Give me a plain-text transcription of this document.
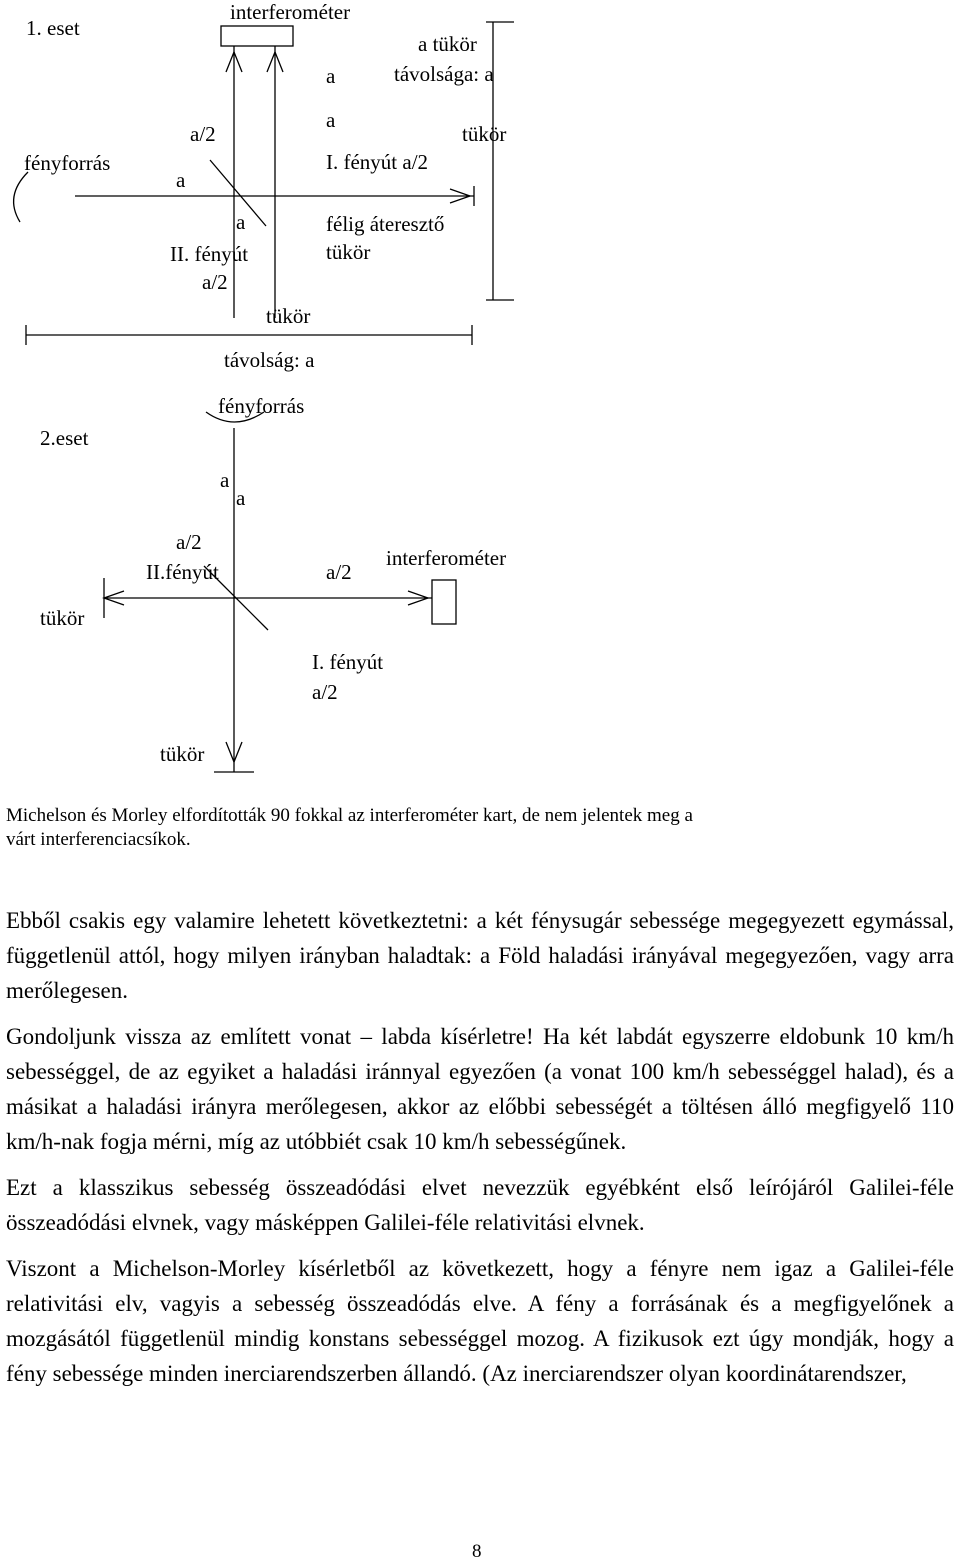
1. eset
interferométer
a
a tükör
távolsága: a
a
tükör
a/2
fényforrás
a
I. fényút a/2
a	félig áteresztő
tükör
II. fényút
a/2
tükör
távolság: a
2.eset
fényforrás
a
a
a/2
II.fényút	a/2
interferométer
tükör
I. fényút
a/2
tükör
Michelson és Morley elfordították 90 fokkal az interferométer kart, de nem jelentek meg a várt interferenciacsíkok.

Ebből csakis egy valamire lehetett következtetni: a két fénysugár sebessége megegyezett egymással, függetlenül attól, hogy milyen irányban haladtak: a Föld haladási irányával megegyezően, vagy arra merőlegesen.

Gondoljunk vissza az említett vonat – labda kísérletre! Ha két labdát egyszerre eldobunk 10 km/h sebességgel, de az egyiket a haladási iránnyal egyezően (a vonat 100 km/h sebességgel halad), és a másikat a haladási irányra merőlegesen, akkor az előbbi sebességét a töltésen álló megfigyelő 110 km/h-nak fogja mérni, míg az utóbbiét csak 10 km/h sebességűnek.

Ezt a klasszikus sebesség összeadódási elvet nevezzük egyébként első leírójáról Galilei-féle összeadódási elvnek, vagy másképpen Galilei-féle relativitási elvnek.

Viszont a Michelson-Morley kísérletből az következett, hogy a fényre nem igaz a Galilei-féle relativitási elv, vagyis a sebesség összeadódás elve. A fény a forrásának és a megfigyelőnek a mozgásától függetlenül mindig konstans sebességgel mozog. A fizikusok ezt úgy mondják, hogy a fény sebessége minden inerciarendszerben állandó. (Az inerciarendszer olyan koordinátarendszer,

8
